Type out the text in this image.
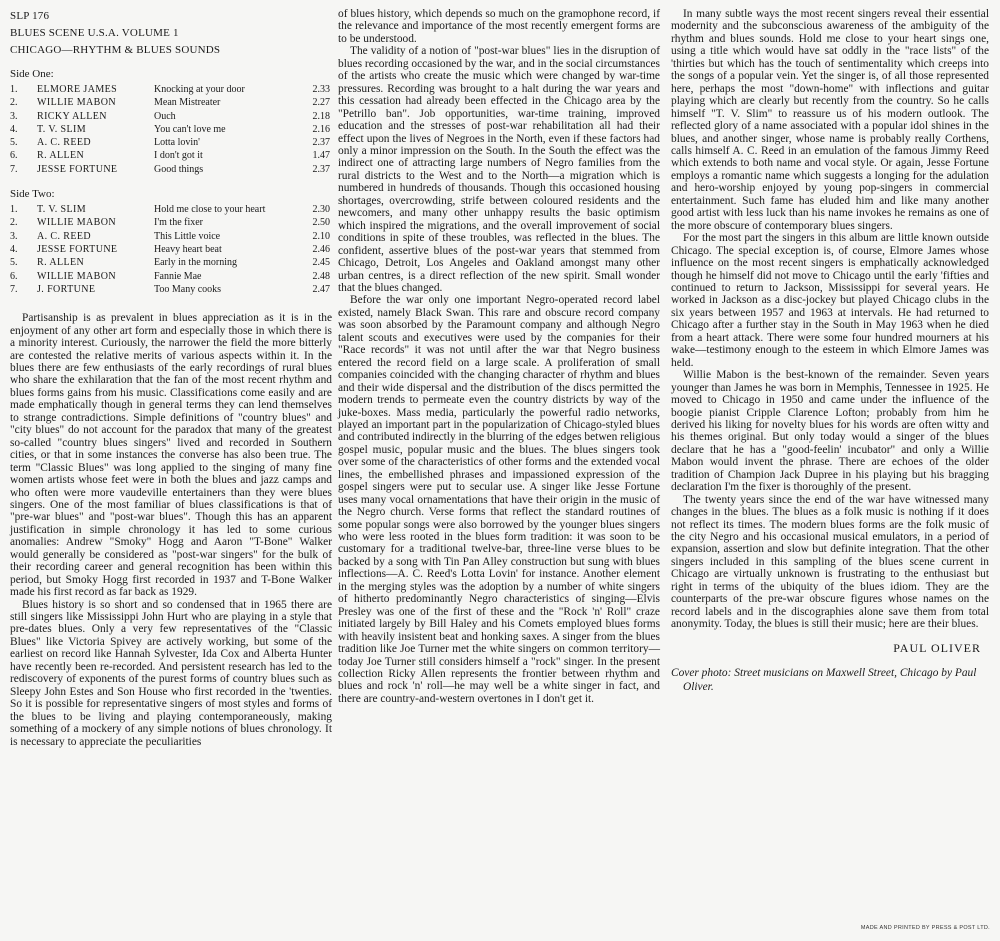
SLP 176
BLUES SCENE U.S.A. VOLUME 1
CHICAGO—RHYTHM & BLUES SOUNDS
Side One:
1.	ELMORE JAMES	Knocking at your door	2.33
2.	WILLIE MABON	Mean Mistreater	2.27
3.	RICKY ALLEN	Ouch	2.18
4.	T. V. SLIM	You can't love me	2.16
5.	A. C. REED	Lotta lovin'	2.37
6.	R. ALLEN	I don't got it	1.47
7.	JESSE FORTUNE	Good things	2.37
Side Two:
1.	T. V. SLIM	Hold me close to your heart	2.30
2.	WILLIE MABON	I'm the fixer	2.50
3.	A. C. REED	This Little voice	2.10
4.	JESSE FORTUNE	Heavy heart beat	2.46
5.	R. ALLEN	Early in the morning	2.45
6.	WILLIE MABON	Fannie Mae	2.48
7.	J. FORTUNE	Too Many cooks	2.47

Partisanship is as prevalent in blues appreciation as it is in the enjoyment of any other art form and especially those in which there is a minority interest. Curiously, the narrower the field the more bitterly are contested the relative merits of various aspects within it. In the blues there are few enthusiasts of the early recordings of rural blues who share the exhilaration that the fan of the most recent rhythm and blues forms gains from his music. Classifications come easily and are made emphatically though in general terms they can lend themselves to strange contradictions. Simple definitions of "country blues" and "city blues" do not account for the paradox that many of the greatest so-called "country blues singers" lived and recorded in Southern cities, or that in some instances the converse has also been true. The term "Classic Blues" was long applied to the singing of many fine women artists whose feet were in both the blues and jazz camps and who often were more vaudeville entertainers than they were blues singers. One of the most familiar of blues classifications is that of "pre-war blues" and "post-war blues". Though this has an apparent justification in simple chronology it has led to some curious anomalies: Andrew "Smoky" Hogg and Aaron "T-Bone" Walker would generally be considered as "post-war singers" for the bulk of their recording career and general recognition has been within this period, but Smoky Hogg first recorded in 1937 and T-Bone Walker made his first record as far back as 1929.

Blues history is so short and so condensed that in 1965 there are still singers like Mississippi John Hurt who are playing in a style that pre-dates blues. Only a very few representatives of the "Classic Blues" like Victoria Spivey are actively working, but some of the earliest on record like Hannah Sylvester, Ida Cox and Alberta Hunter have recently been re-recorded. And persistent research has led to the rediscovery of exponents of the purest forms of country blues such as Sleepy John Estes and Son House who first recorded in the 'twenties. So it is possible for representative singers of most styles and forms of the blues to be living and playing contemporaneously, making something of a mockery of any simple notions of blues chronology. It is necessary to appreciate the peculiarities

of blues history, which depends so much on the gramophone record, if the relevance and importance of the most recently emergent forms are to be understood.

The validity of a notion of "post-war blues" lies in the disruption of blues recording occasioned by the war, and in the social circumstances of the artists who create the music which were changed by war-time pressures. Recording was brought to a halt during the war years and this cessation had already been effected in the Chicago area by the "Petrillo ban". Job opportunities, war-time training, improved education and the stresses of post-war rehabilitation all had their effect upon the lives of Negroes in the North, even if these factors had only a minor impression on the South. In the South the effect was the indirect one of attracting large numbers of Negro families from the rural districts to the West and to the North—a migration which is numbered in hundreds of thousands. Though this occasioned housing shortages, overcrowding, strife between coloured residents and the newcomers, and many other unhappy results the basic optimism which inspired the migrations, and the overall improvement of social conditions in spite of these troubles, was reflected in the blues. The confident, assertive blues of the post-war years that stemmed from Chicago, Detroit, Los Angeles and Oakland amongst many other urban centres, is a direct reflection of the new spirit. Small wonder that the blues changed.

Before the war only one important Negro-operated record label existed, namely Black Swan. This rare and obscure record company was soon absorbed by the Paramount company and although Negro talent scouts and executives were used by the companies for their "Race records" it was not until after the war that Negro business entered the record field on a large scale. A proliferation of small companies coincided with the changing character of rhythm and blues and their wide dispersal and the distribution of the discs permitted the modern trends to permeate even the country districts by way of the juke-boxes. Mass media, particularly the powerful radio networks, played an important part in the popularization of Chicago-styled blues and contributed indirectly in the blurring of the edges betwen religious gospel music, popular music and the blues. The blues singers took over some of the characteristics of other forms and the extended vocal lines, the embellished phrases and impassioned expression of the gospel singers were put to secular use. A singer like Jesse Fortune uses many vocal ornamentations that have their origin in the music of the Negro church. Verse forms that reflect the standard routines of some popular songs were also borrowed by the younger blues singers who were less rooted in the blues form tradition: it was soon to be customary for a traditional twelve-bar, three-line verse blues to be backed by a song with Tin Pan Alley construction but sung with blues inflections—A. C. Reed's Lotta Lovin' for instance. Another element in the merging styles was the adoption by a number of white singers of hitherto predominantly Negro characteristics of singing—Elvis Presley was one of the first of these and the "Rock 'n' Roll" craze initiated largely by Bill Haley and his Comets employed blues forms with heavily insistent beat and honking saxes. A singer from the blues tradition like Joe Turner met the white singers on common territory—today Joe Turner still considers himself a "rock" singer. In the present collection Ricky Allen represents the frontier between rhythm and blues and rock 'n' roll—he may well be a white singer in fact, and there are country-and-western overtones in I don't get it.

In many subtle ways the most recent singers reveal their essential modernity and the subconscious awareness of the ambiguity of the rhythm and blues sounds. Hold me close to your heart sings one, using a title which would have sat oddly in the "race lists" of the 'thirties but which has the touch of sentimentality which creeps into the songs of a popular vein. Yet the singer is, of all those represented here, perhaps the most "down-home" with inflections and guitar playing which are clearly but recently from the country. So he calls himself "T. V. Slim" to reassure us of his modern outlook. The reflected glory of a name associated with a popular idol shines in the blues, and another singer, whose name is probably really Corthens, calls himself A. C. Reed in an emulation of the famous Jimmy Reed which extends to both name and vocal style. Or again, Jesse Fortune employs a romantic name which suggests a longing for the adulation and hero-worship enjoyed by young pop-singers in commercial entertainment. Such fame has eluded him and like many another good artist with less luck than his name invokes he remains as one of the more obscure of contemporary blues singers.

For the most part the singers in this album are little known outside Chicago. The special exception is, of course, Elmore James whose influence on the most recent singers is emphatically acknowledged though he himself did not move to Chicago until the early 'fifties and continued to return to Jackson, Mississippi for several years. He worked in Jackson as a disc-jockey but played Chicago clubs in the six years between 1957 and 1963 at intervals. He had returned to Chicago after a further stay in the South in May 1963 when he died from a heart attack. There were some four hundred mourners at his wake—testimony enough to the esteem in which Elmore James was held.

Willie Mabon is the best-known of the remainder. Seven years younger than James he was born in Memphis, Tennessee in 1925. He moved to Chicago in 1950 and came under the influence of the boogie pianist Cripple Clarence Lofton; probably from him he derived his liking for novelty blues for his words are often witty and his themes original. But only today would a singer of the blues declare that he has a "good-feelin' incubator" and only a Willie Mabon would invent the phrase. There are echoes of the older tradition of Champion Jack Dupree in his playing but his bragging declaration I'm the fixer is thoroughly of the present.

The twenty years since the end of the war have witnessed many changes in the blues. The blues as a folk music is nothing if it does not reflect its times. The modern blues forms are the folk music of the city Negro and his occasional musical emulators, in a period of expansion, assertion and slow but definite integration. That the other singers included in this sampling of the blues scene current in Chicago are virtually unknown is frustrating to the enthusiast but right in terms of the ubiquity of the blues idiom. They are the counterparts of the pre-war obscure figures whose names on the record labels and in the discographies alone save them from total anonymity. Today, the blues is still their music; here are their blues.

PAUL OLIVER
Cover photo: Street musicians on Maxwell Street, Chicago by Paul Oliver.
MADE AND PRINTED BY PRESS & POST LTD.
